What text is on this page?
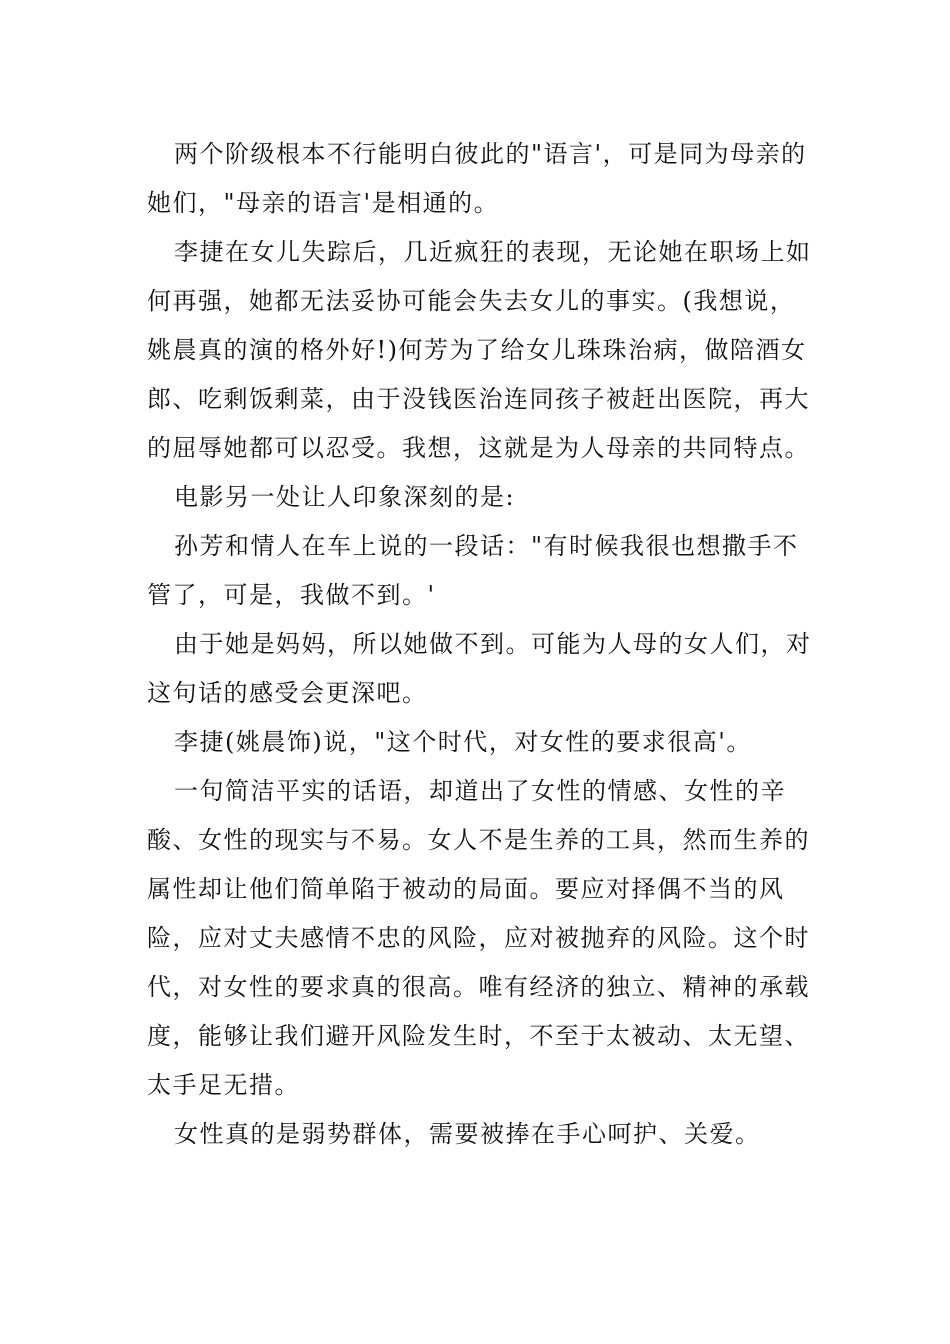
两个阶级根本不行能明白彼此的"语言'，可是同为母亲的她们，"母亲的语言'是相通的。

李捷在女儿失踪后，几近疯狂的表现，无论她在职场上如何再强，她都无法妥协可能会失去女儿的事实。(我想说，姚晨真的演的格外好!)何芳为了给女儿珠珠治病，做陪酒女郎、吃剩饭剩菜，由于没钱医治连同孩子被赶出医院，再大的屈辱她都可以忍受。我想，这就是为人母亲的共同特点。

电影另一处让人印象深刻的是:

孙芳和情人在车上说的一段话："有时候我很也想撒手不管了，可是，我做不到。'

由于她是妈妈，所以她做不到。可能为人母的女人们，对这句话的感受会更深吧。

李捷(姚晨饰)说，"这个时代，对女性的要求很高'。

一句简洁平实的话语，却道出了女性的情感、女性的辛酸、女性的现实与不易。女人不是生养的工具，然而生养的属性却让他们简单陷于被动的局面。要应对择偶不当的风险，应对丈夫感情不忠的风险，应对被抛弃的风险。这个时代，对女性的要求真的很高。唯有经济的独立、精神的承载度，能够让我们避开风险发生时，不至于太被动、太无望、太手足无措。

女性真的是弱势群体，需要被捧在手心呵护、关爱。
